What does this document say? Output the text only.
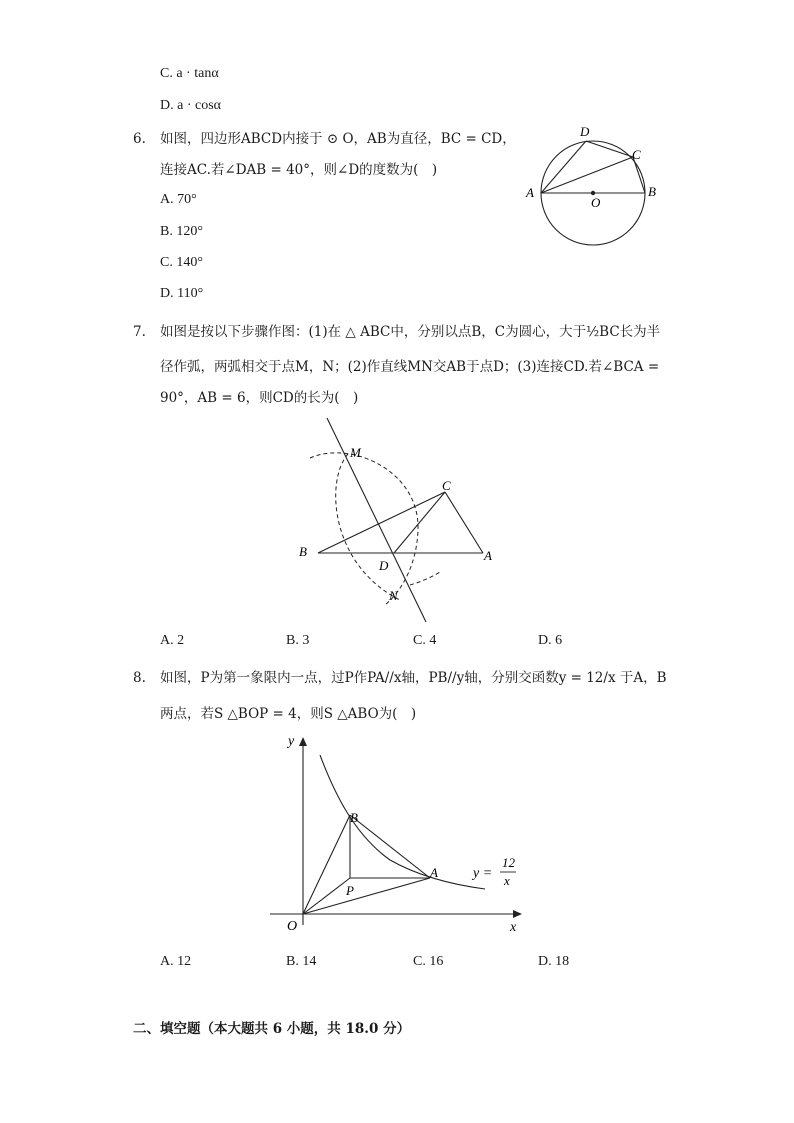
C. a · tanα
D. a · cosα
6. 如图，四边形ABCD内接于 ⊙ O，AB为直径，BC = CD，
连接AC.若∠DAB = 40°，则∠D的度数为(　)
A. 70°
B. 120°
C. 140°
D. 110°
A	B
C
D
O
7. 如图是按以下步骤作图：(1)在 △ ABC中，分别以点B，C为圆心，大于½BC长为半
径作弧，两弧相交于点M，N；(2)作直线MN交AB于点D；(3)连接CD.若∠BCA =
90°，AB = 6，则CD的长为(　)
M
C
B
D
A
N
A. 2	B. 3	C. 4	D. 6
8. 如图，P为第一象限内一点，过P作PA//x轴，PB//y轴，分别交函数y = 12/x 于A，B
两点，若S △BOP = 4，则S △ABO为(　)
y
x
O
B
A
P
y =
12
x
A. 12	B. 14	C. 16	D. 18
二、填空题（本大题共 6 小题，共 18.0 分）
